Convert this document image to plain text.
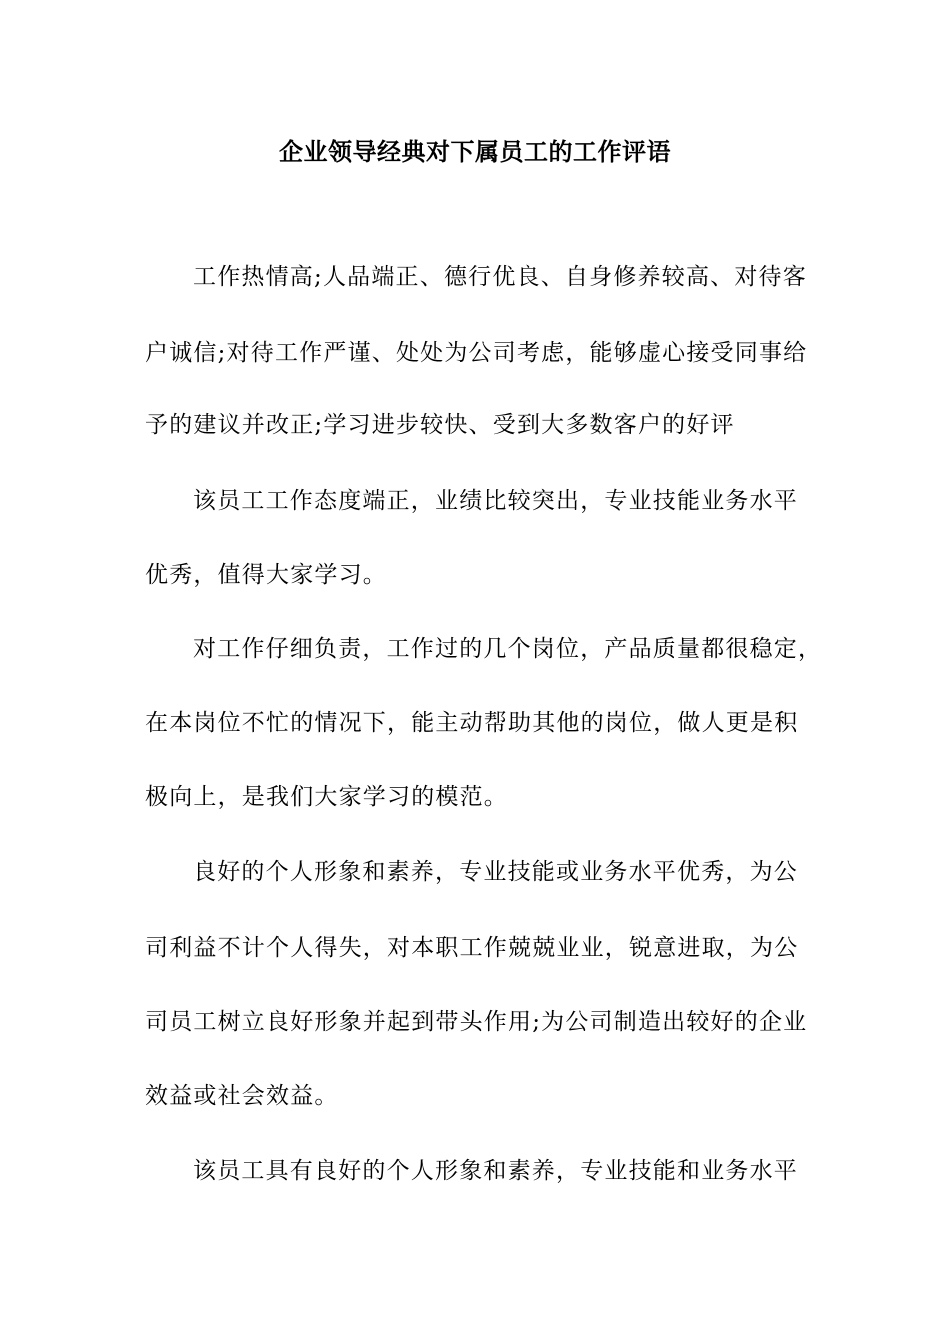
企业领导经典对下属员工的工作评语

工作热情高;人品端正、德行优良、自身修养较高、对待客

户诚信;对待工作严谨、处处为公司考虑，能够虚心接受同事给

予的建议并改正;学习进步较快、受到大多数客户的好评

该员工工作态度端正，业绩比较突出，专业技能业务水平

优秀，值得大家学习。

对工作仔细负责，工作过的几个岗位，产品质量都很稳定，

在本岗位不忙的情况下，能主动帮助其他的岗位，做人更是积

极向上，是我们大家学习的模范。

良好的个人形象和素养，专业技能或业务水平优秀，为公

司利益不计个人得失，对本职工作兢兢业业，锐意进取，为公

司员工树立良好形象并起到带头作用;为公司制造出较好的企业

效益或社会效益。

该员工具有良好的个人形象和素养，专业技能和业务水平
